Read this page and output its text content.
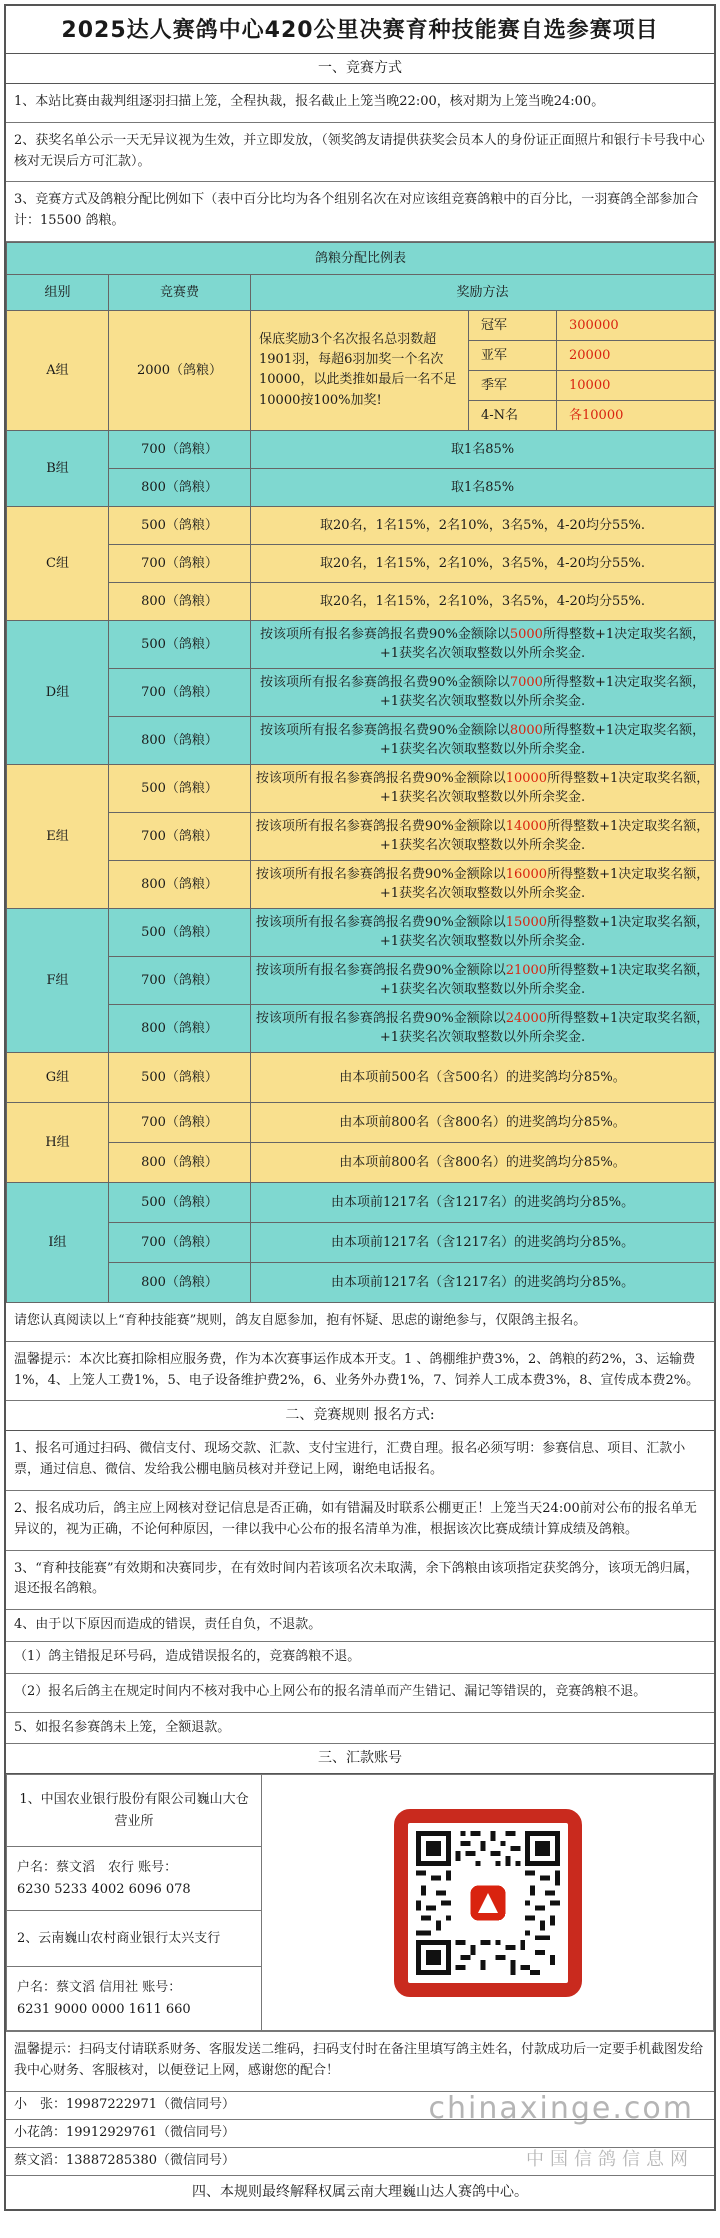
2025达人赛鸽中心420公里决赛育种技能赛自选参赛项目
一、竞赛方式
1、本站比赛由裁判组逐羽扫描上笼，全程执裁，报名截止上笼当晚22:00，核对期为上笼当晚24:00。
2、获奖名单公示一天无异议视为生效，并立即发放，（领奖鸽友请提供获奖会员本人的身份证正面照片和银行卡号我中心核对无误后方可汇款）。
3、竞赛方式及鸽粮分配比例如下（表中百分比均为各个组别名次在对应该组竞赛鸽粮中的百分比，一羽赛鸽全部参加合计：15500 鸽粮。
鸽粮分配比例表				
组别	竞赛费	奖励方法		
A组	2000（鸽粮）	保底奖励3个名次报名总羽数超1901羽，每超6羽加奖一个名次10000，以此类推如最后一名不足10000按100%加奖!	冠军	300000
			亚军	20000
			季军	10000
			4-N名	各10000
B组	700（鸽粮）	取1名85%		
	800（鸽粮）	取1名85%		
C组	500（鸽粮）	取20名，1名15%，2名10%，3名5%，4-20均分55%.		
	700（鸽粮）	取20名，1名15%，2名10%，3名5%，4-20均分55%.		
	800（鸽粮）	取20名，1名15%，2名10%，3名5%，4-20均分55%.		
D组	500（鸽粮）	按该项所有报名参赛鸽报名费90%金额除以5000所得整数+1决定取奖名额，+1获奖名次领取整数以外所余奖金.		
	700（鸽粮）	按该项所有报名参赛鸽报名费90%金额除以7000所得整数+1决定取奖名额，+1获奖名次领取整数以外所余奖金.		
	800（鸽粮）	按该项所有报名参赛鸽报名费90%金额除以8000所得整数+1决定取奖名额，+1获奖名次领取整数以外所余奖金.		
E组	500（鸽粮）	按该项所有报名参赛鸽报名费90%金额除以10000所得整数+1决定取奖名额，+1获奖名次领取整数以外所余奖金.		
	700（鸽粮）	按该项所有报名参赛鸽报名费90%金额除以14000所得整数+1决定取奖名额，+1获奖名次领取整数以外所余奖金.		
	800（鸽粮）	按该项所有报名参赛鸽报名费90%金额除以16000所得整数+1决定取奖名额，+1获奖名次领取整数以外所余奖金.		
F组	500（鸽粮）	按该项所有报名参赛鸽报名费90%金额除以15000所得整数+1决定取奖名额，+1获奖名次领取整数以外所余奖金.		
	700（鸽粮）	按该项所有报名参赛鸽报名费90%金额除以21000所得整数+1决定取奖名额，+1获奖名次领取整数以外所余奖金.		
	800（鸽粮）	按该项所有报名参赛鸽报名费90%金额除以24000所得整数+1决定取奖名额，+1获奖名次领取整数以外所余奖金.		
G组	500（鸽粮）	由本项前500名（含500名）的进奖鸽均分85%。		
H组	700（鸽粮）	由本项前800名（含800名）的进奖鸽均分85%。		
	800（鸽粮）	由本项前800名（含800名）的进奖鸽均分85%。		
I组	500（鸽粮）	由本项前1217名（含1217名）的进奖鸽均分85%。		
	700（鸽粮）	由本项前1217名（含1217名）的进奖鸽均分85%。		
	800（鸽粮）	由本项前1217名（含1217名）的进奖鸽均分85%。		
请您认真阅读以上“育种技能赛”规则，鸽友自愿参加，抱有怀疑、思虑的谢绝参与，仅限鸽主报名。
温馨提示：本次比赛扣除相应服务费，作为本次赛事运作成本开支。1 、鸽棚维护费3%，2、鸽粮的药2%，3、运输费1%，4、上笼人工费1%，5、电子设备维护费2%，6、业务外办费1%，7、饲养人工成本费3%，8、宣传成本费2%。
二、竞赛规则 报名方式:
1、报名可通过扫码、微信支付、现场交款、汇款、支付宝进行，汇费自理。报名必须写明：参赛信息、项目、汇款小票，通过信息、微信、发给我公棚电脑员核对并登记上网，谢绝电话报名。
2、报名成功后，鸽主应上网核对登记信息是否正确，如有错漏及时联系公棚更正！上笼当天24:00前对公布的报名单无异议的，视为正确，不论何种原因，一律以我中心公布的报名清单为准，根据该次比赛成绩计算成绩及鸽粮。
3、“育种技能赛”有效期和决赛同步，在有效时间内若该项名次未取满，余下鸽粮由该项指定获奖鸽分，该项无鸽归属，退还报名鸽粮。
4、由于以下原因而造成的错误，责任自负，不退款。
（1）鸽主错报足环号码，造成错误报名的，竞赛鸽粮不退。
（2）报名后鸽主在规定时间内不核对我中心上网公布的报名清单而产生错记、漏记等错误的，竞赛鸽粮不退。
5、如报名参赛鸽未上笼，全额退款。
三、汇款账号
1、中国农业银行股份有限公司巍山大仓营业所	

户名：蔡文滔　农行 账号：
6230 5233 4002 6096 078

2、云南巍山农村商业银行太兴支行

户名：蔡文滔 信用社 账号：
6231 9000 0000 1611 660
温馨提示：扫码支付请联系财务、客服发送二维码，扫码支付时在备注里填写鸽主姓名，付款成功后一定要手机截图发给我中心财务、客服核对，以便登记上网，感谢您的配合！
小　张：19987222971（微信同号）
小花鸽：19912929761（微信同号）
蔡文滔：13887285380（微信同号）
四、本规则最终解释权属云南大理巍山达人赛鸽中心。
chinaxinge.com
中国信鸽信息网
